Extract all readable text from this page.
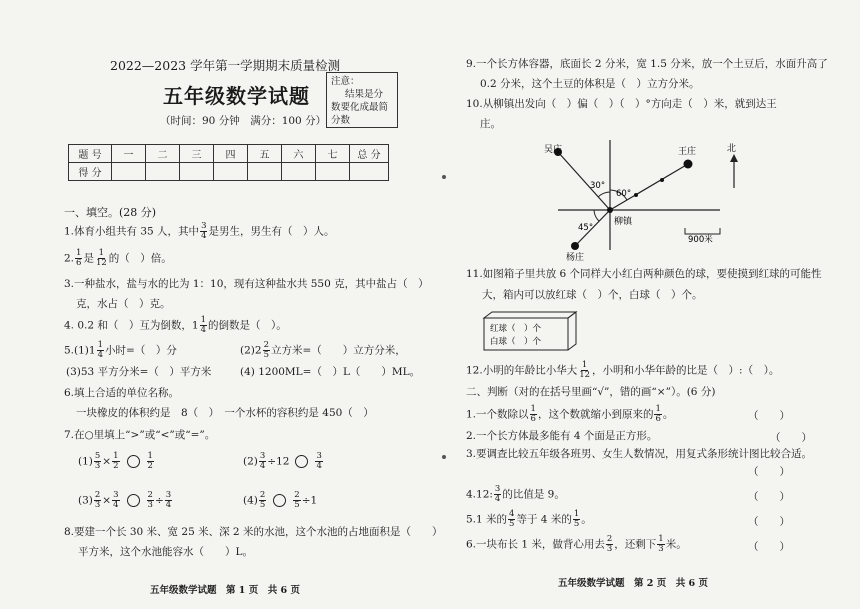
2022—2023 学年第一学期期末质量检测
五年级数学试题
（时间：90 分钟　满分：100 分）
注意：
结果是分
数要化成最简
分数
题 号	一	二	三	四	五	六	七	总 分
得 分								
一、填空。(28 分)
1.体育小组共有 35 人，其中 $\frac{3}{4}$ 是男生，男生有（　）人。
2. $\frac{1}{6}$ 是 $\frac{1}{12}$ 的（　）倍。
3.一种盐水，盐与水的比为 1：10，现有这种盐水共 550 克，其中盐占（　）
克，水占（　）克。
4. 0.2 和（　）互为倒数，$1 \frac{1}{4}$ 的倒数是（　）。
$5.(1)1 \frac{1}{4}$ 小时=（　）分	$(2)2 \frac{2}{5}$ 立方米=（　　）立方分米，
(3)53 平方分米=（　）平方米	(4) 1200ML=（　）L（　　）ML。
6.填上合适的单位名称。
一块橡皮的体积约是　8（　）　一个水杯的容积约是 450（　）
7.在○里填上“>”或“<”或“=”。
$(1) \frac{5}{3} \times \frac{1}{2}$	$\frac{1}{2}$	$(2) \frac{3}{4} \div 12$	$\frac{3}{4}$
$(3) \frac{2}{3} \times \frac{3}{4}$	$\frac{2}{3} \div \frac{3}{4}$	$(4) \frac{2}{5}$	$\frac{2}{5} \div 1$
8.要建一个长 30 米、宽 25 米、深 2 米的水池，这个水池的占地面积是（　　）
平方米，这个水池能容水（　　）L。
五年级数学试题　第 1 页　共 6 页
9.一个长方体容器，底面长 2 分米，宽 1.5 分米，放一个土豆后，水面升高了
0.2 分米，这个土豆的体积是（　）立方分米。
10.从柳镇出发向（　）偏（　）（　）°方向走（　）米，就到达王
庄。
吴庄	王庄
柳镇
杨庄
北
30°
60°
45°
900米
11.如图箱子里共放 6 个同样大小红白两种颜色的球，要使摸到红球的可能性
大，箱内可以放红球（　）个，白球（　）个。
红球（　）个
白球（　）个
12.小明的年龄比小华大 $\frac{1}{12}$ ，小明和小华年龄的比是（　）:（　）。
二、判断（对的在括号里画“√”，错的画“×”）。(6 分)
1.一个数除以 $\frac{1}{6}$ ，这个数就缩小到原来的 $\frac{1}{6}$ 。	（　　）
2.一个长方体最多能有 4 个面是正方形。	（　　）
3.要调查比较五年级各班男、女生人数情况，用复式条形统计图比较合适。
（　　）
4.12: $\frac{3}{4}$ 的比值是 9。	（　　）
5.1 米的 $\frac{4}{5}$ 等于 4 米的 $\frac{1}{5}$ 。	（　　）
6.一块布长 1 米，做背心用去 $\frac{2}{3}$ ，还剩下 $\frac{1}{3}$ 米。	（　　）
五年级数学试题　第 2 页　共 6 页
